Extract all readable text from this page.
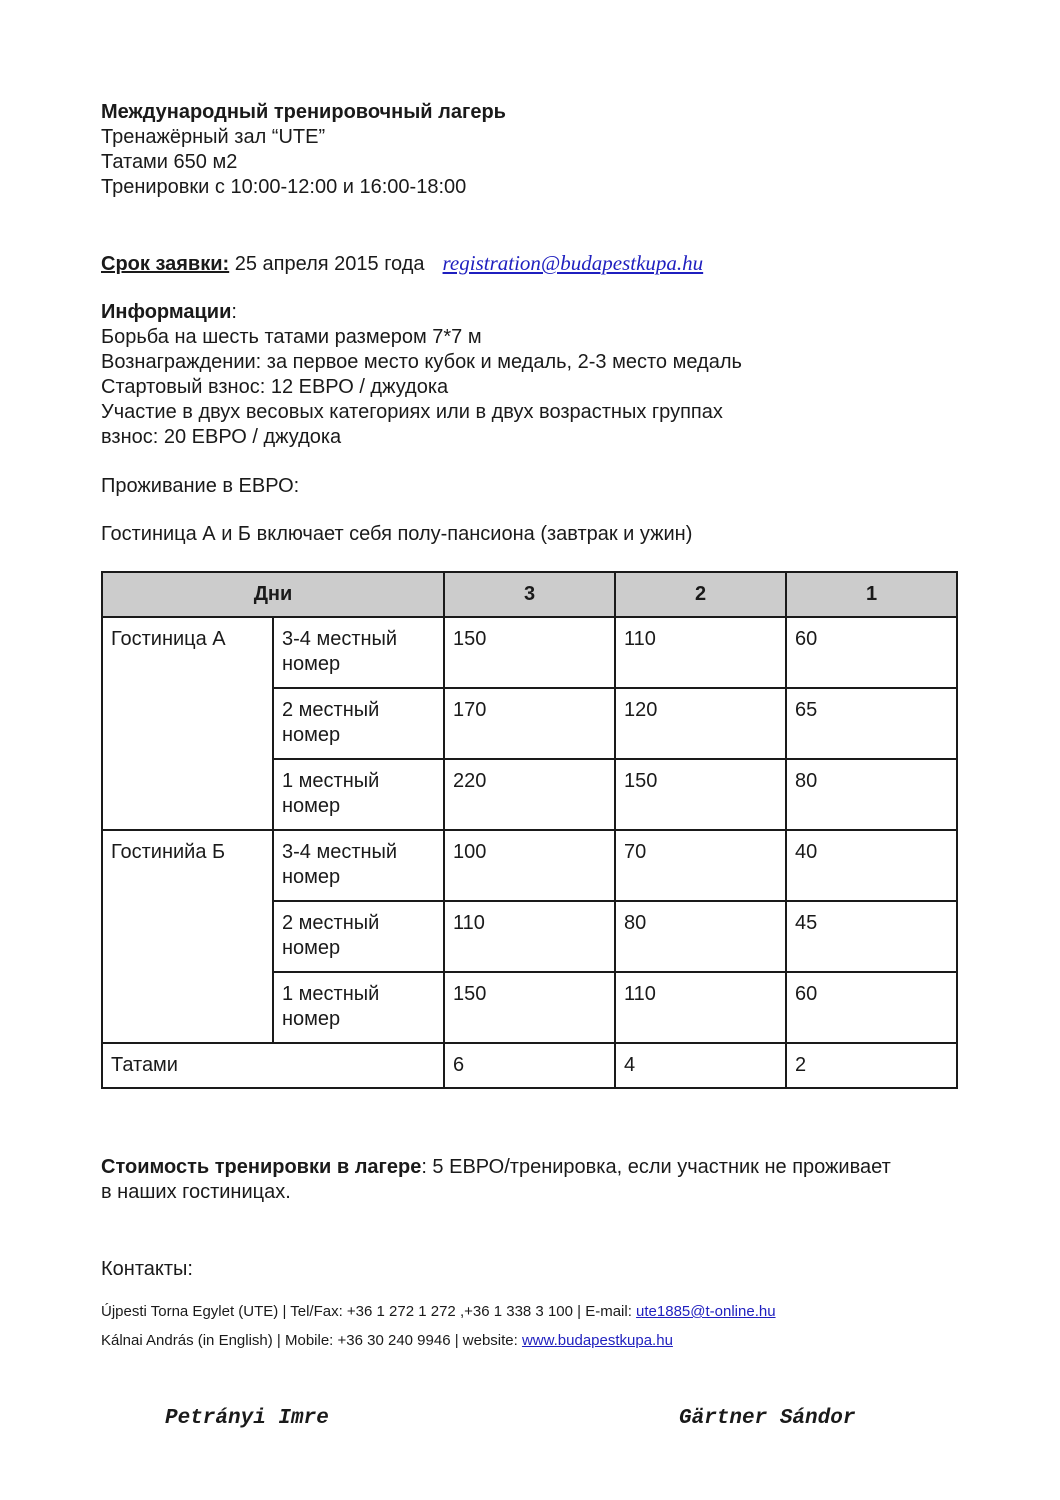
Международный тренировочный лагерь
Тренажёрный зал “UTE”
Татами 650 м2
Тренировки с 10:00-12:00 и 16:00-18:00
Срок заявки: 25 апреля 2015 года registration@budapestkupa.hu
Информации:
Борьба на шесть татами размером 7*7 м
Вознаграждении: за первое место кубок и медаль, 2-3 место медаль
Стартовый взнос: 12 ЕВРО / джудока
Участие в двух весовых категориях или в двух возрастных группах
взнос: 20 ЕВРО / джудока
Проживание в ЕВРО:
Гостиница А и Б включает себя полу-пансиона (завтрак и ужин)
Дни		3	2	1
Гостиница А	3-4 местный номер	150	110	60
	2 местный номер	170	120	65
	1 местный номер	220	150	80
Гостинийа Б	3-4 местный номер	100	70	40
	2 местный номер	110	80	45
	1 местный номер	150	110	60
Татами		6	4	2
Стоимость тренировки в лагере: 5 ЕВРО/тренировка, если участник не проживает
в наших гостиницах.
Контакты:
Újpesti Torna Egylet (UTE) | Tel/Fax: +36 1 272 1 272 ,+36 1 338 3 100 | E-mail: ute1885@t-online.hu
Kálnai András (in English) | Mobile: +36 30 240 9946 | website: www.budapestkupa.hu
Petrányi Imre	Gärtner Sándor
